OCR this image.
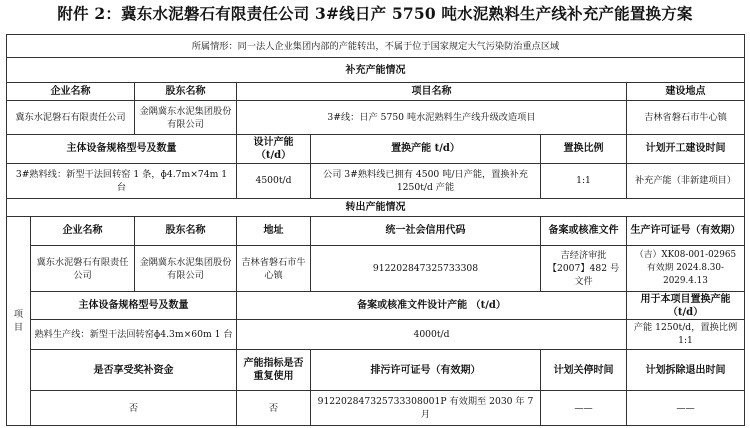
附件 2：冀东水泥磐石有限责任公司 3#线日产 5750 吨水泥熟料生产线补充产能置换方案
所属情形：同一法人企业集团内部的产能转出，不属于位于国家规定大气污染防治重点区域						
补充产能情况						
企业名称		股东名称	项目名称			建设地点
冀东水泥磐石有限责任公司		金隅冀东水泥集团股份有限公司	3#线：日产 5750 吨水泥熟料生产线升级改造项目			吉林省磐石市牛心镇
主体设备规格型号及数量			设计产能（t/d）	置换产能 t/d）	置换比例	计划开工建设时间
3#熟料线：新型干法回转窑 1 条，ɸ4.7m×74m 1 台			4500t/d	公司 3#熟料线已拥有 4500 吨/日产能，置换补充 1250t/d 产能	1:1	补充产能（非新建项目）
转出产能情况						
项目	企业名称	股东名称	地址	统一社会信用代码	备案或核准文件	生产许可证号（有效期）
	冀东水泥磐石有限责任公司	金隅冀东水泥集团股份有限公司	吉林省磐石市牛心镇	912202847325733308	吉经济审批【2007】482 号文件	（吉）XK08-001-02965 有效期 2024.8.30-2029.4.13
	主体设备规格型号及数量		备案或核准文件设计产能 （t/d）			用于本项目置换产能（t/d）
	熟料生产线：新型干法回转窑ɸ4.3m×60m 1 台		4000t/d			产能 1250t/d，置换比例 1:1
	是否享受奖补资金		产能指标是否重复使用	排污许可证号（有效期）	计划关停时间	计划拆除退出时间
	否		否	912202847325733308001P 有效期至 2030 年 7 月	——	——
